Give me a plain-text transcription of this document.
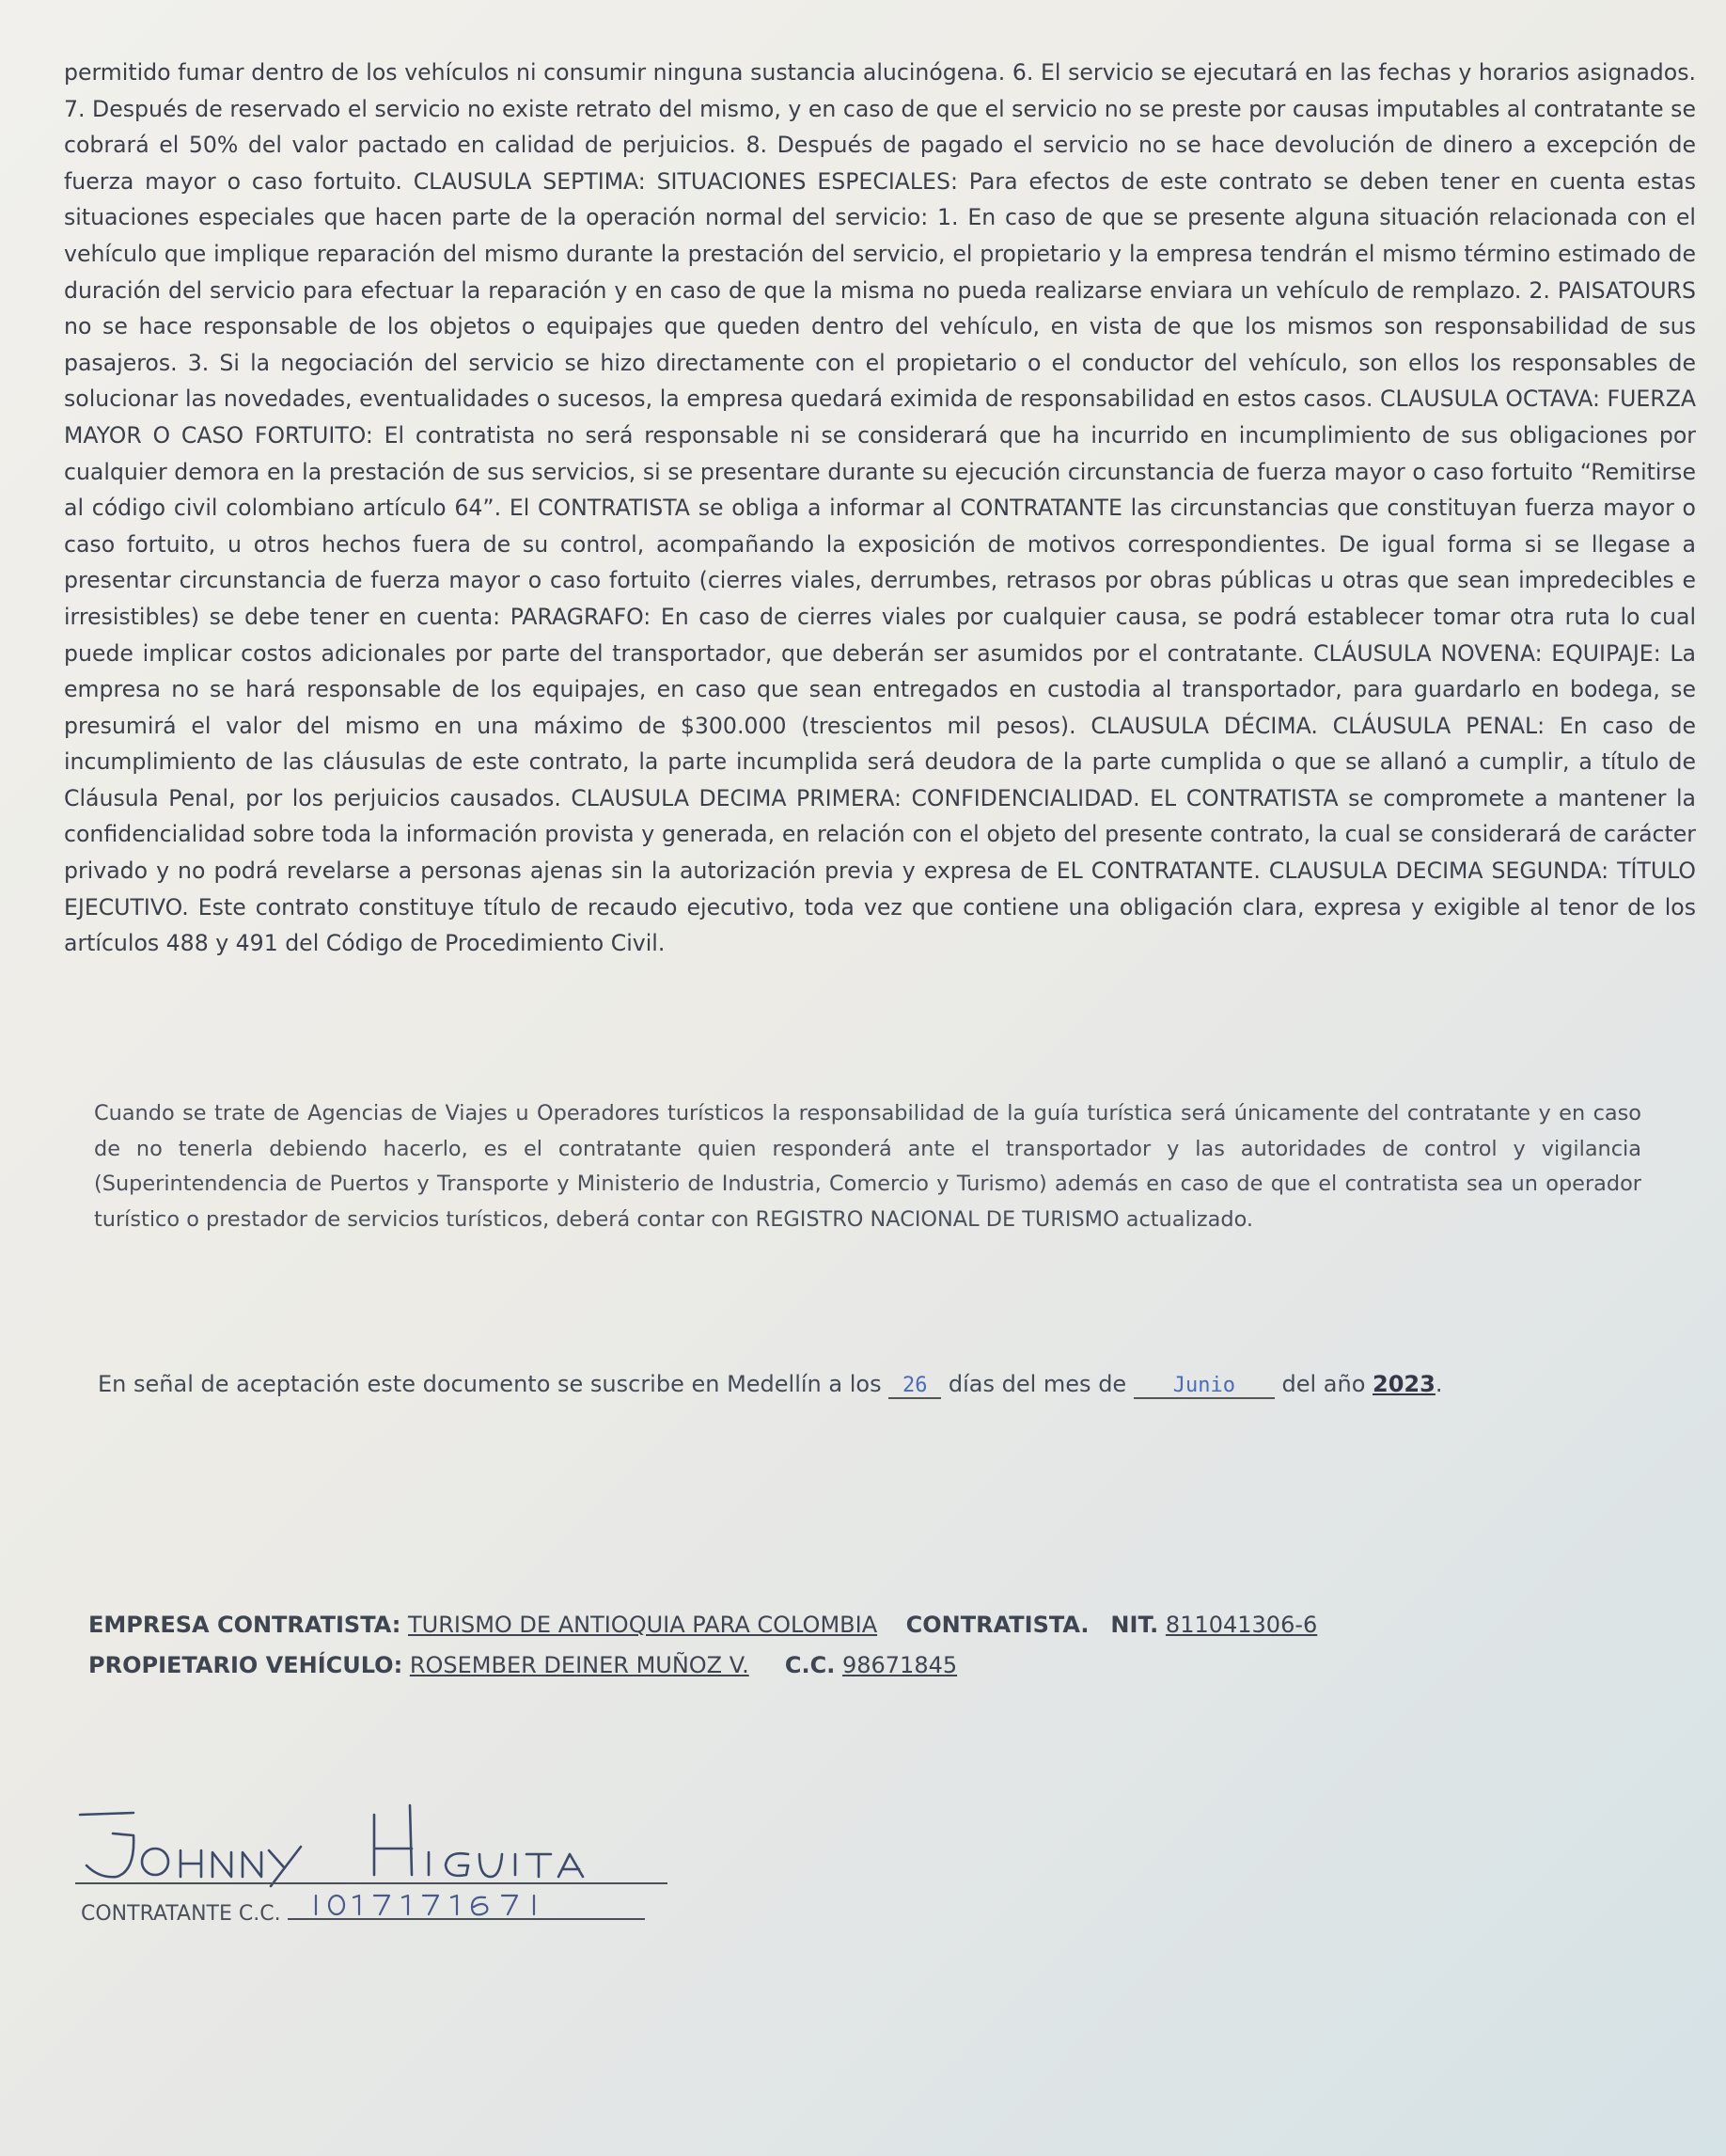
permitido fumar dentro de los vehículos ni consumir ninguna sustancia alucinógena. 6. El servicio se ejecutará en las fechas y horarios asignados. 7. Después de reservado el servicio no existe retrato del mismo, y en caso de que el servicio no se preste por causas imputables al contratante se cobrará el 50% del valor pactado en calidad de perjuicios. 8. Después de pagado el servicio no se hace devolución de dinero a excepción de fuerza mayor o caso fortuito. CLAUSULA SEPTIMA: SITUACIONES ESPECIALES: Para efectos de este contrato se deben tener en cuenta estas situaciones especiales que hacen parte de la operación normal del servicio: 1. En caso de que se presente alguna situación relacionada con el vehículo que implique reparación del mismo durante la prestación del servicio, el propietario y la empresa tendrán el mismo término estimado de duración del servicio para efectuar la reparación y en caso de que la misma no pueda realizarse enviara un vehículo de remplazo. 2. PAISATOURS no se hace responsable de los objetos o equipajes que queden dentro del vehículo, en vista de que los mismos son responsabilidad de sus pasajeros. 3. Si la negociación del servicio se hizo directamente con el propietario o el conductor del vehículo, son ellos los responsables de solucionar las novedades, eventualidades o sucesos, la empresa quedará eximida de responsabilidad en estos casos. CLAUSULA OCTAVA: FUERZA MAYOR O CASO FORTUITO: El contratista no será responsable ni se considerará que ha incurrido en incumplimiento de sus obligaciones por cualquier demora en la prestación de sus servicios, si se presentare durante su ejecución circunstancia de fuerza mayor o caso fortuito “Remitirse al código civil colombiano artículo 64”. El CONTRATISTA se obliga a informar al CONTRATANTE las circunstancias que constituyan fuerza mayor o caso fortuito, u otros hechos fuera de su control, acompañando la exposición de motivos correspondientes. De igual forma si se llegase a presentar circunstancia de fuerza mayor o caso fortuito (cierres viales, derrumbes, retrasos por obras públicas u otras que sean impredecibles e irresistibles) se debe tener en cuenta: PARAGRAFO: En caso de cierres viales por cualquier causa, se podrá establecer tomar otra ruta lo cual puede implicar costos adicionales por parte del transportador, que deberán ser asumidos por el contratante. CLÁUSULA NOVENA: EQUIPAJE: La empresa no se hará responsable de los equipajes, en caso que sean entregados en custodia al transportador, para guardarlo en bodega, se presumirá el valor del mismo en una máximo de $300.000 (trescientos mil pesos). CLAUSULA DÉCIMA. CLÁUSULA PENAL: En caso de incumplimiento de las cláusulas de este contrato, la parte incumplida será deudora de la parte cumplida o que se allanó a cumplir, a título de Cláusula Penal, por los perjuicios causados. CLAUSULA DECIMA PRIMERA: CONFIDENCIALIDAD. EL CONTRATISTA se compromete a mantener la confidencialidad sobre toda la información provista y generada, en relación con el objeto del presente contrato, la cual se considerará de carácter privado y no podrá revelarse a personas ajenas sin la autorización previa y expresa de EL CONTRATANTE. CLAUSULA DECIMA SEGUNDA: TÍTULO EJECUTIVO. Este contrato constituye título de recaudo ejecutivo, toda vez que contiene una obligación clara, expresa y exigible al tenor de los artículos 488 y 491 del Código de Procedimiento Civil.

Cuando se trate de Agencias de Viajes u Operadores turísticos la responsabilidad de la guía turística será únicamente del contratante y en caso de no tenerla debiendo hacerlo, es el contratante quien responderá ante el transportador y las autoridades de control y vigilancia (Superintendencia de Puertos y Transporte y Ministerio de Industria, Comercio y Turismo) además en caso de que el contratista sea un operador turístico o prestador de servicios turísticos, deberá contar con REGISTRO NACIONAL DE TURISMO actualizado.

En señal de aceptación este documento se suscribe en Medellín a los 26 días del mes de Junio del año 2023.
EMPRESA CONTRATISTA: TURISMO DE ANTIOQUIA PARA COLOMBIA CONTRATISTA. NIT. 811041306-6
PROPIETARIO VEHÍCULO: ROSEMBER DEINER MUÑOZ V. C.C. 98671845
CONTRATANTE C.C.
